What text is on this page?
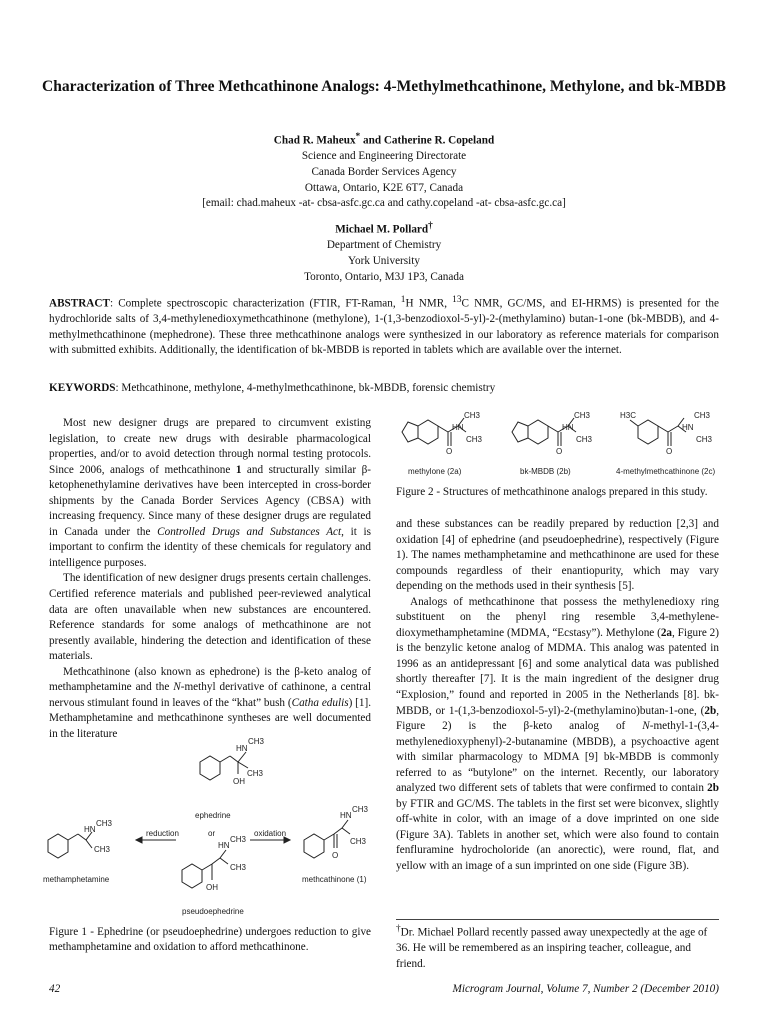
Characterization of Three Methcathinone Analogs: 4-Methylmethcathinone, Methylone, and bk-MBDB
Chad R. Maheux* and Catherine R. Copeland
Science and Engineering Directorate
Canada Border Services Agency
Ottawa, Ontario, K2E 6T7, Canada
[email: chad.maheux -at- cbsa-asfc.gc.ca and cathy.copeland -at- cbsa-asfc.gc.ca]
Michael M. Pollard†
Department of Chemistry
York University
Toronto, Ontario, M3J 1P3, Canada
ABSTRACT: Complete spectroscopic characterization (FTIR, FT-Raman, $^1$H NMR, $^{13}$C NMR, GC/MS, and EI-HRMS) is presented for the hydrochloride salts of 3,4-methylenedioxymethcathinone (methylone), 1-(1,3-benzodioxol-5-yl)-2-(methylamino) butan-1-one (bk-MBDB), and 4-methylmethcathinone (mephedrone). These three methcathinone analogs were synthesized in our laboratory as reference materials for comparison with submitted exhibits. Additionally, the identification of bk-MBDB is reported in tablets which are available over the internet.
KEYWORDS: Methcathinone, methylone, 4-methylmethcathinone, bk-MBDB, forensic chemistry

Most new designer drugs are prepared to circumvent existing legislation, to create new drugs with desirable pharmacological properties, and/or to avoid detection through normal testing protocols. Since 2006, analogs of methcathinone 1 and structurally similar β-ketophenethylamine derivatives have been intercepted in cross-border shipments by the Canada Border Services Agency (CBSA) with increasing frequency. Since many of these designer drugs are regulated in Canada under the Controlled Drugs and Substances Act, it is important to confirm the identity of these chemicals for regulatory and intelligence purposes.

The identification of new designer drugs presents certain challenges. Certified reference materials and published peer-reviewed analytical data are often unavailable when new substances are encountered. Reference standards for some analogs of methcathinone are not presently available, hindering the detection and identification of these materials.

Methcathinone (also known as ephedrone) is the β-keto analog of methamphetamine and the N-methyl derivative of cathinone, a central nervous stimulant found in leaves of the “khat” bush (Catha edulis) [1]. Methamphetamine and methcathinone syntheses are well documented in the literature

HN
CH3
CH3
OH
ephedrine
HN
CH3
CH3
methamphetamine
reduction	or	oxidation
HN
CH3
CH3
O
methcathinone (1)
HN
CH3
CH3
OH
pseudoephedrine
Figure 1 - Ephedrine (or pseudoephedrine) undergoes reduction to give methamphetamine and oxidation to afford methcathinone.
HN
CH3
CH3
O
HN
CH3
CH3
O
H3C
HN
CH3
CH3
O
methylone (2a)	bk-MBDB (2b)	4-methylmethcathinone (2c)
Figure 2 - Structures of methcathinone analogs prepared in this study.

and these substances can be readily prepared by reduction [2,3] and oxidation [4] of ephedrine (and pseudoephedrine), respectively (Figure 1). The names methamphetamine and methcathinone are used for these compounds regardless of their enantiopurity, which may vary depending on the methods used in their synthesis [5].

Analogs of methcathinone that possess the methylenedioxy ring substituent on the phenyl ring resemble 3,4-methylene-dioxymethamphetamine (MDMA, “Ecstasy”). Methylone (2a, Figure 2) is the benzylic ketone analog of MDMA. This analog was patented in 1996 as an antidepressant [6] and some analytical data was published shortly thereafter [7]. It is the main ingredient of the designer drug “Explosion,” found and reported in 2005 in the Netherlands [8]. bk-MBDB, or 1-(1,3-benzodioxol-5-yl)-2-(methylamino)butan-1-one, (2b, Figure 2) is the β-keto analog of N-methyl-1-(3,4-methylenedioxyphenyl)-2-butanamine (MBDB), a psychoactive agent with similar pharmacology to MDMA [9] bk-MBDB is commonly referred to as “butylone” on the internet. Recently, our laboratory analyzed two different sets of tablets that were confirmed to contain 2b by FTIR and GC/MS. The tablets in the first set were biconvex, slightly off-white in color, with an image of a dove imprinted on one side (Figure 3A). Tablets in another set, which were also found to contain fenfluramine hydrocholoride (an anorectic), were round, flat, and yellow with an image of a sun imprinted on one side (Figure 3B).

†Dr. Michael Pollard recently passed away unexpectedly at the age of 36. He will be remembered as an inspiring teacher, colleague, and friend.
42	Microgram Journal, Volume 7, Number 2 (December 2010)
